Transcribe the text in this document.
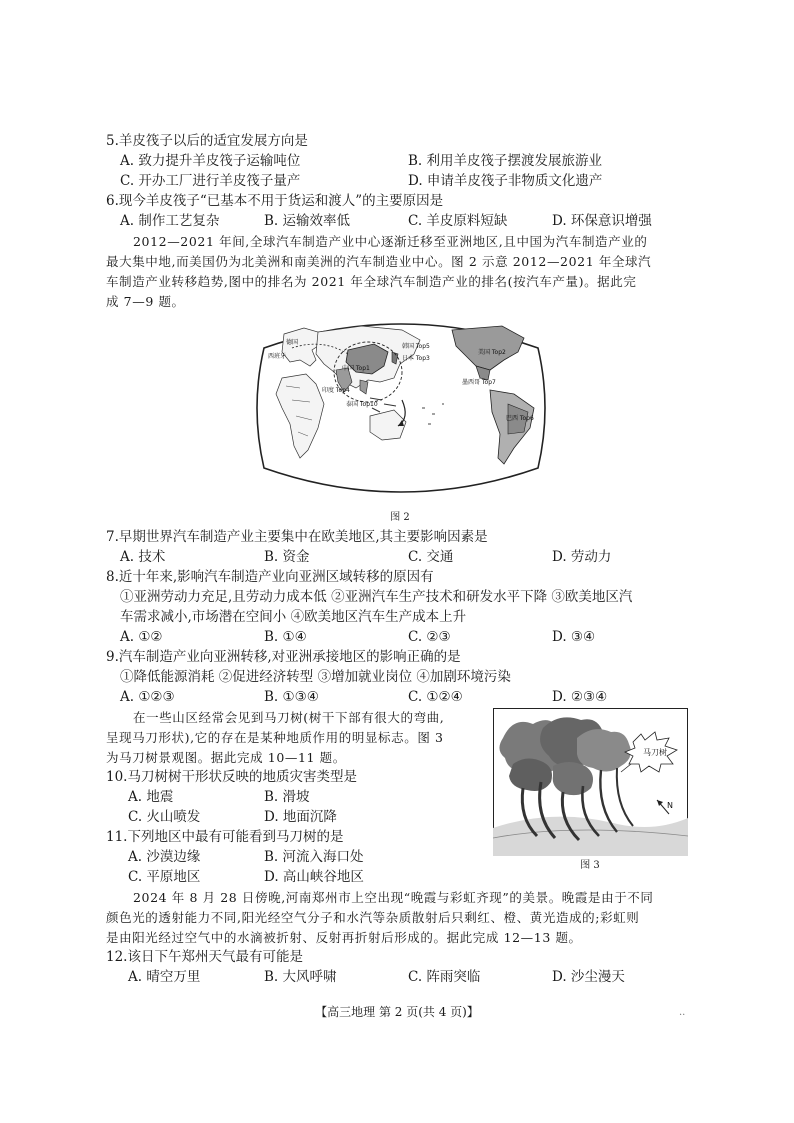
5.羊皮筏子以后的适宜发展方向是
A. 致力提升羊皮筏子运输吨位	B. 利用羊皮筏子摆渡发展旅游业
C. 开办工厂进行羊皮筏子量产	D. 申请羊皮筏子非物质文化遗产
6.现今羊皮筏子“已基本不用于货运和渡人”的主要原因是
A. 制作工艺复杂	B. 运输效率低	C. 羊皮原料短缺	D. 环保意识增强
2012—2021 年间,全球汽车制造产业中心逐渐迁移至亚洲地区,且中国为汽车制造产业的
最大集中地,而美国仍为北美洲和南美洲的汽车制造业中心。图 2 示意 2012—2021 年全球汽
车制造产业转移趋势,图中的排名为 2021 年全球汽车制造产业的排名(按汽车产量)。据此完
成 7—9 题。
德国
西班牙
中国 Top1
日本 Top3
韩国 Top5
印度 Top4
泰国 Top10
美国 Top2
墨西哥 Top7
巴西 Top6
图 2
7.早期世界汽车制造产业主要集中在欧美地区,其主要影响因素是
A. 技术	B. 资金	C. 交通	D. 劳动力
8.近十年来,影响汽车制造产业向亚洲区域转移的原因有
①亚洲劳动力充足,且劳动力成本低 ②亚洲汽车生产技术和研发水平下降 ③欧美地区汽
车需求减小,市场潜在空间小 ④欧美地区汽车生产成本上升
A. ①②	B. ①④	C. ②③	D. ③④
9.汽车制造产业向亚洲转移,对亚洲承接地区的影响正确的是
①降低能源消耗 ②促进经济转型 ③增加就业岗位 ④加剧环境污染
A. ①②③	B. ①③④	C. ①②④	D. ②③④
在一些山区经常会见到马刀树(树干下部有很大的弯曲,
呈现马刀形状),它的存在是某种地质作用的明显标志。图 3
为马刀树景观图。据此完成 10—11 题。	马刀树
N
图 3
10.马刀树树干形状反映的地质灾害类型是
A. 地震	B. 滑坡
C. 火山喷发	D. 地面沉降
11.下列地区中最有可能看到马刀树的是
A. 沙漠边缘	B. 河流入海口处
C. 平原地区	D. 高山峡谷地区
2024 年 8 月 28 日傍晚,河南郑州市上空出现“晚霞与彩虹齐现”的美景。晚霞是由于不同
颜色光的透射能力不同,阳光经空气分子和水汽等杂质散射后只剩红、橙、黄光造成的;彩虹则
是由阳光经过空气中的水滴被折射、反射再折射后形成的。据此完成 12—13 题。
12.该日下午郑州天气最有可能是
A. 晴空万里	B. 大风呼啸	C. 阵雨突临	D. 沙尘漫天
【高三地理 第 2 页(共 4 页)】	..
